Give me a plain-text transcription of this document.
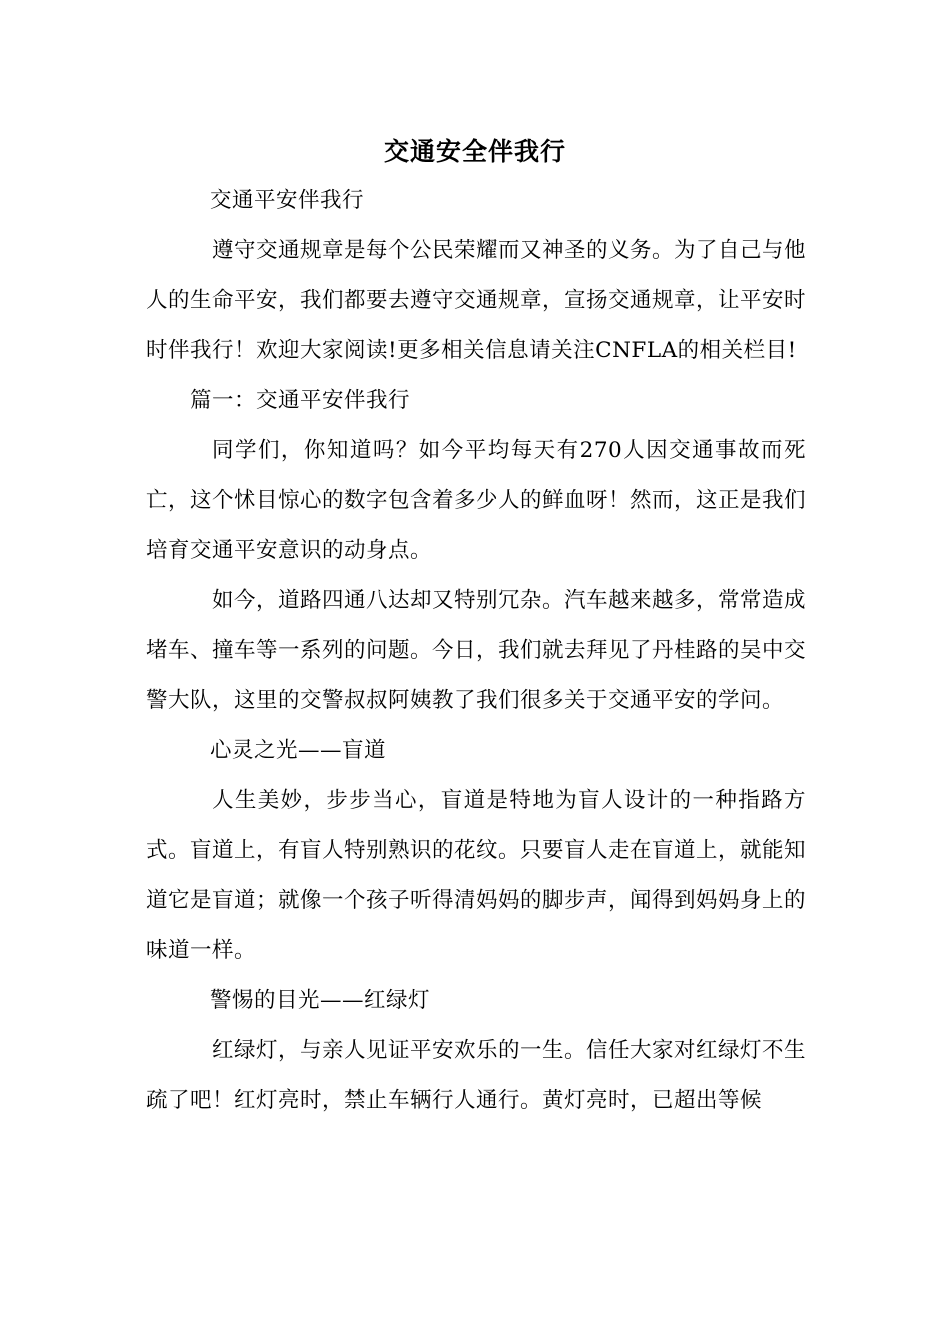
交通安全伴我行

交通平安伴我行

遵守交通规章是每个公民荣耀而又神圣的义务。为了自己与他人的生命平安，我们都要去遵守交通规章，宣扬交通规章，让平安时时伴我行！欢迎大家阅读!更多相关信息请关注CNFLA的相关栏目!

篇一：交通平安伴我行

同学们，你知道吗？如今平均每天有270人因交通事故而死亡，这个怵目惊心的数字包含着多少人的鲜血呀！然而，这正是我们培育交通平安意识的动身点。

如今，道路四通八达却又特别冗杂。汽车越来越多，常常造成堵车、撞车等一系列的问题。今日，我们就去拜见了丹桂路的吴中交警大队，这里的交警叔叔阿姨教了我们很多关于交通平安的学问。

心灵之光——盲道

人生美妙，步步当心，盲道是特地为盲人设计的一种指路方式。盲道上，有盲人特别熟识的花纹。只要盲人走在盲道上，就能知道它是盲道；就像一个孩子听得清妈妈的脚步声，闻得到妈妈身上的味道一样。

警惕的目光——红绿灯

红绿灯，与亲人见证平安欢乐的一生。信任大家对红绿灯不生疏了吧！红灯亮时，禁止车辆行人通行。黄灯亮时，已超出等候
